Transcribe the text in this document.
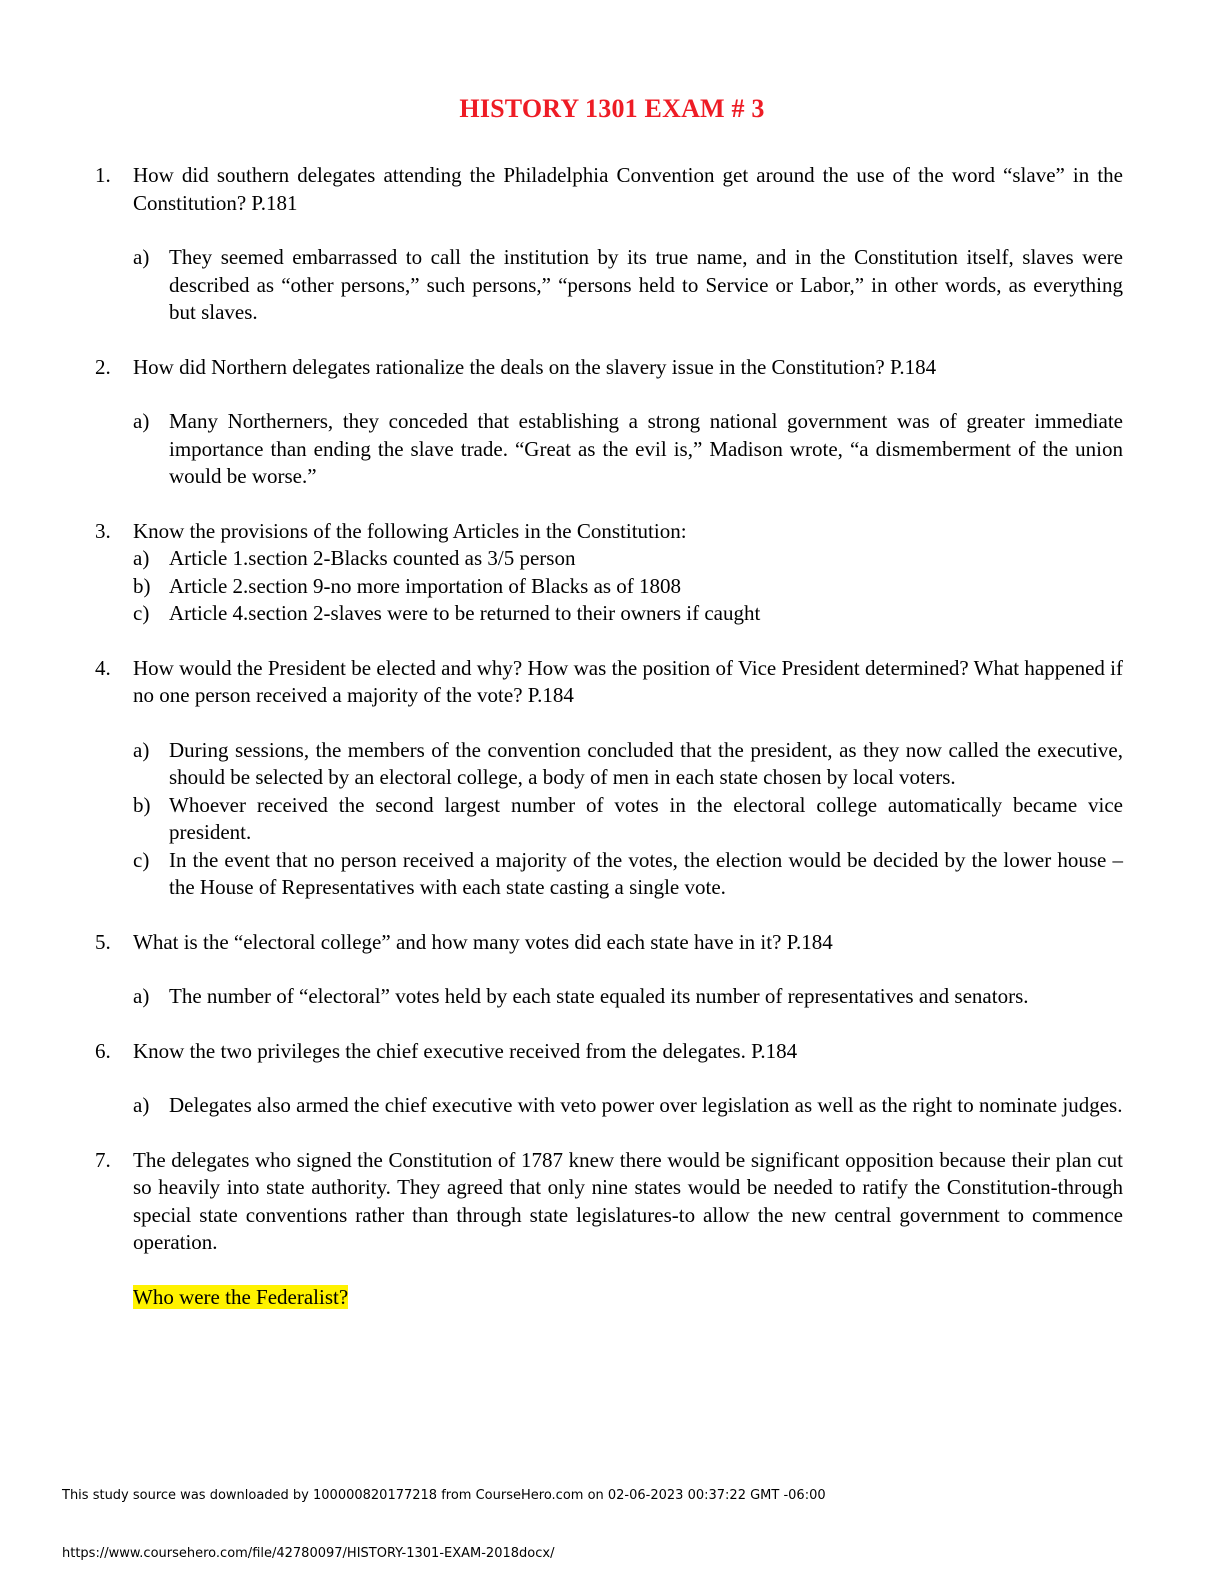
HISTORY 1301 EXAM # 3
1.	How did southern delegates attending the Philadelphia Convention get around the use of the word “slave” in the Constitution? P.181
a) They seemed embarrassed to call the institution by its true name, and in the Constitution itself, slaves were described as “other persons,” such persons,” “persons held to Service or Labor,” in other words, as everything but slaves.
2.	How did Northern delegates rationalize the deals on the slavery issue in the Constitution? P.184
a) Many Northerners, they conceded that establishing a strong national government was of greater immediate importance than ending the slave trade. “Great as the evil is,” Madison wrote, “a dismemberment of the union would be worse.”
3.	Know the provisions of the following Articles in the Constitution:
a) Article 1.section 2-Blacks counted as 3/5 person
b) Article 2.section 9-no more importation of Blacks as of 1808
c) Article 4.section 2-slaves were to be returned to their owners if caught
4.	How would the President be elected and why? How was the position of Vice President determined? What happened if no one person received a majority of the vote? P.184
a) During sessions, the members of the convention concluded that the president, as they now called the executive, should be selected by an electoral college, a body of men in each state chosen by local voters.
b) Whoever received the second largest number of votes in the electoral college automatically became vice president.
c) In the event that no person received a majority of the votes, the election would be decided by the lower house – the House of Representatives with each state casting a single vote.
5.	What is the “electoral college” and how many votes did each state have in it? P.184
a) The number of “electoral” votes held by each state equaled its number of representatives and senators.
6.	Know the two privileges the chief executive received from the delegates. P.184
a) Delegates also armed the chief executive with veto power over legislation as well as the right to nominate judges.
7.	The delegates who signed the Constitution of 1787 knew there would be significant opposition because their plan cut so heavily into state authority. They agreed that only nine states would be needed to ratify the Constitution-through special state conventions rather than through state legislatures-to allow the new central government to commence operation.
Who were the Federalist?
This study source was downloaded by 100000820177218 from CourseHero.com on 02-06-2023 00:37:22 GMT -06:00
https://www.coursehero.com/file/42780097/HISTORY-1301-EXAM-2018docx/
